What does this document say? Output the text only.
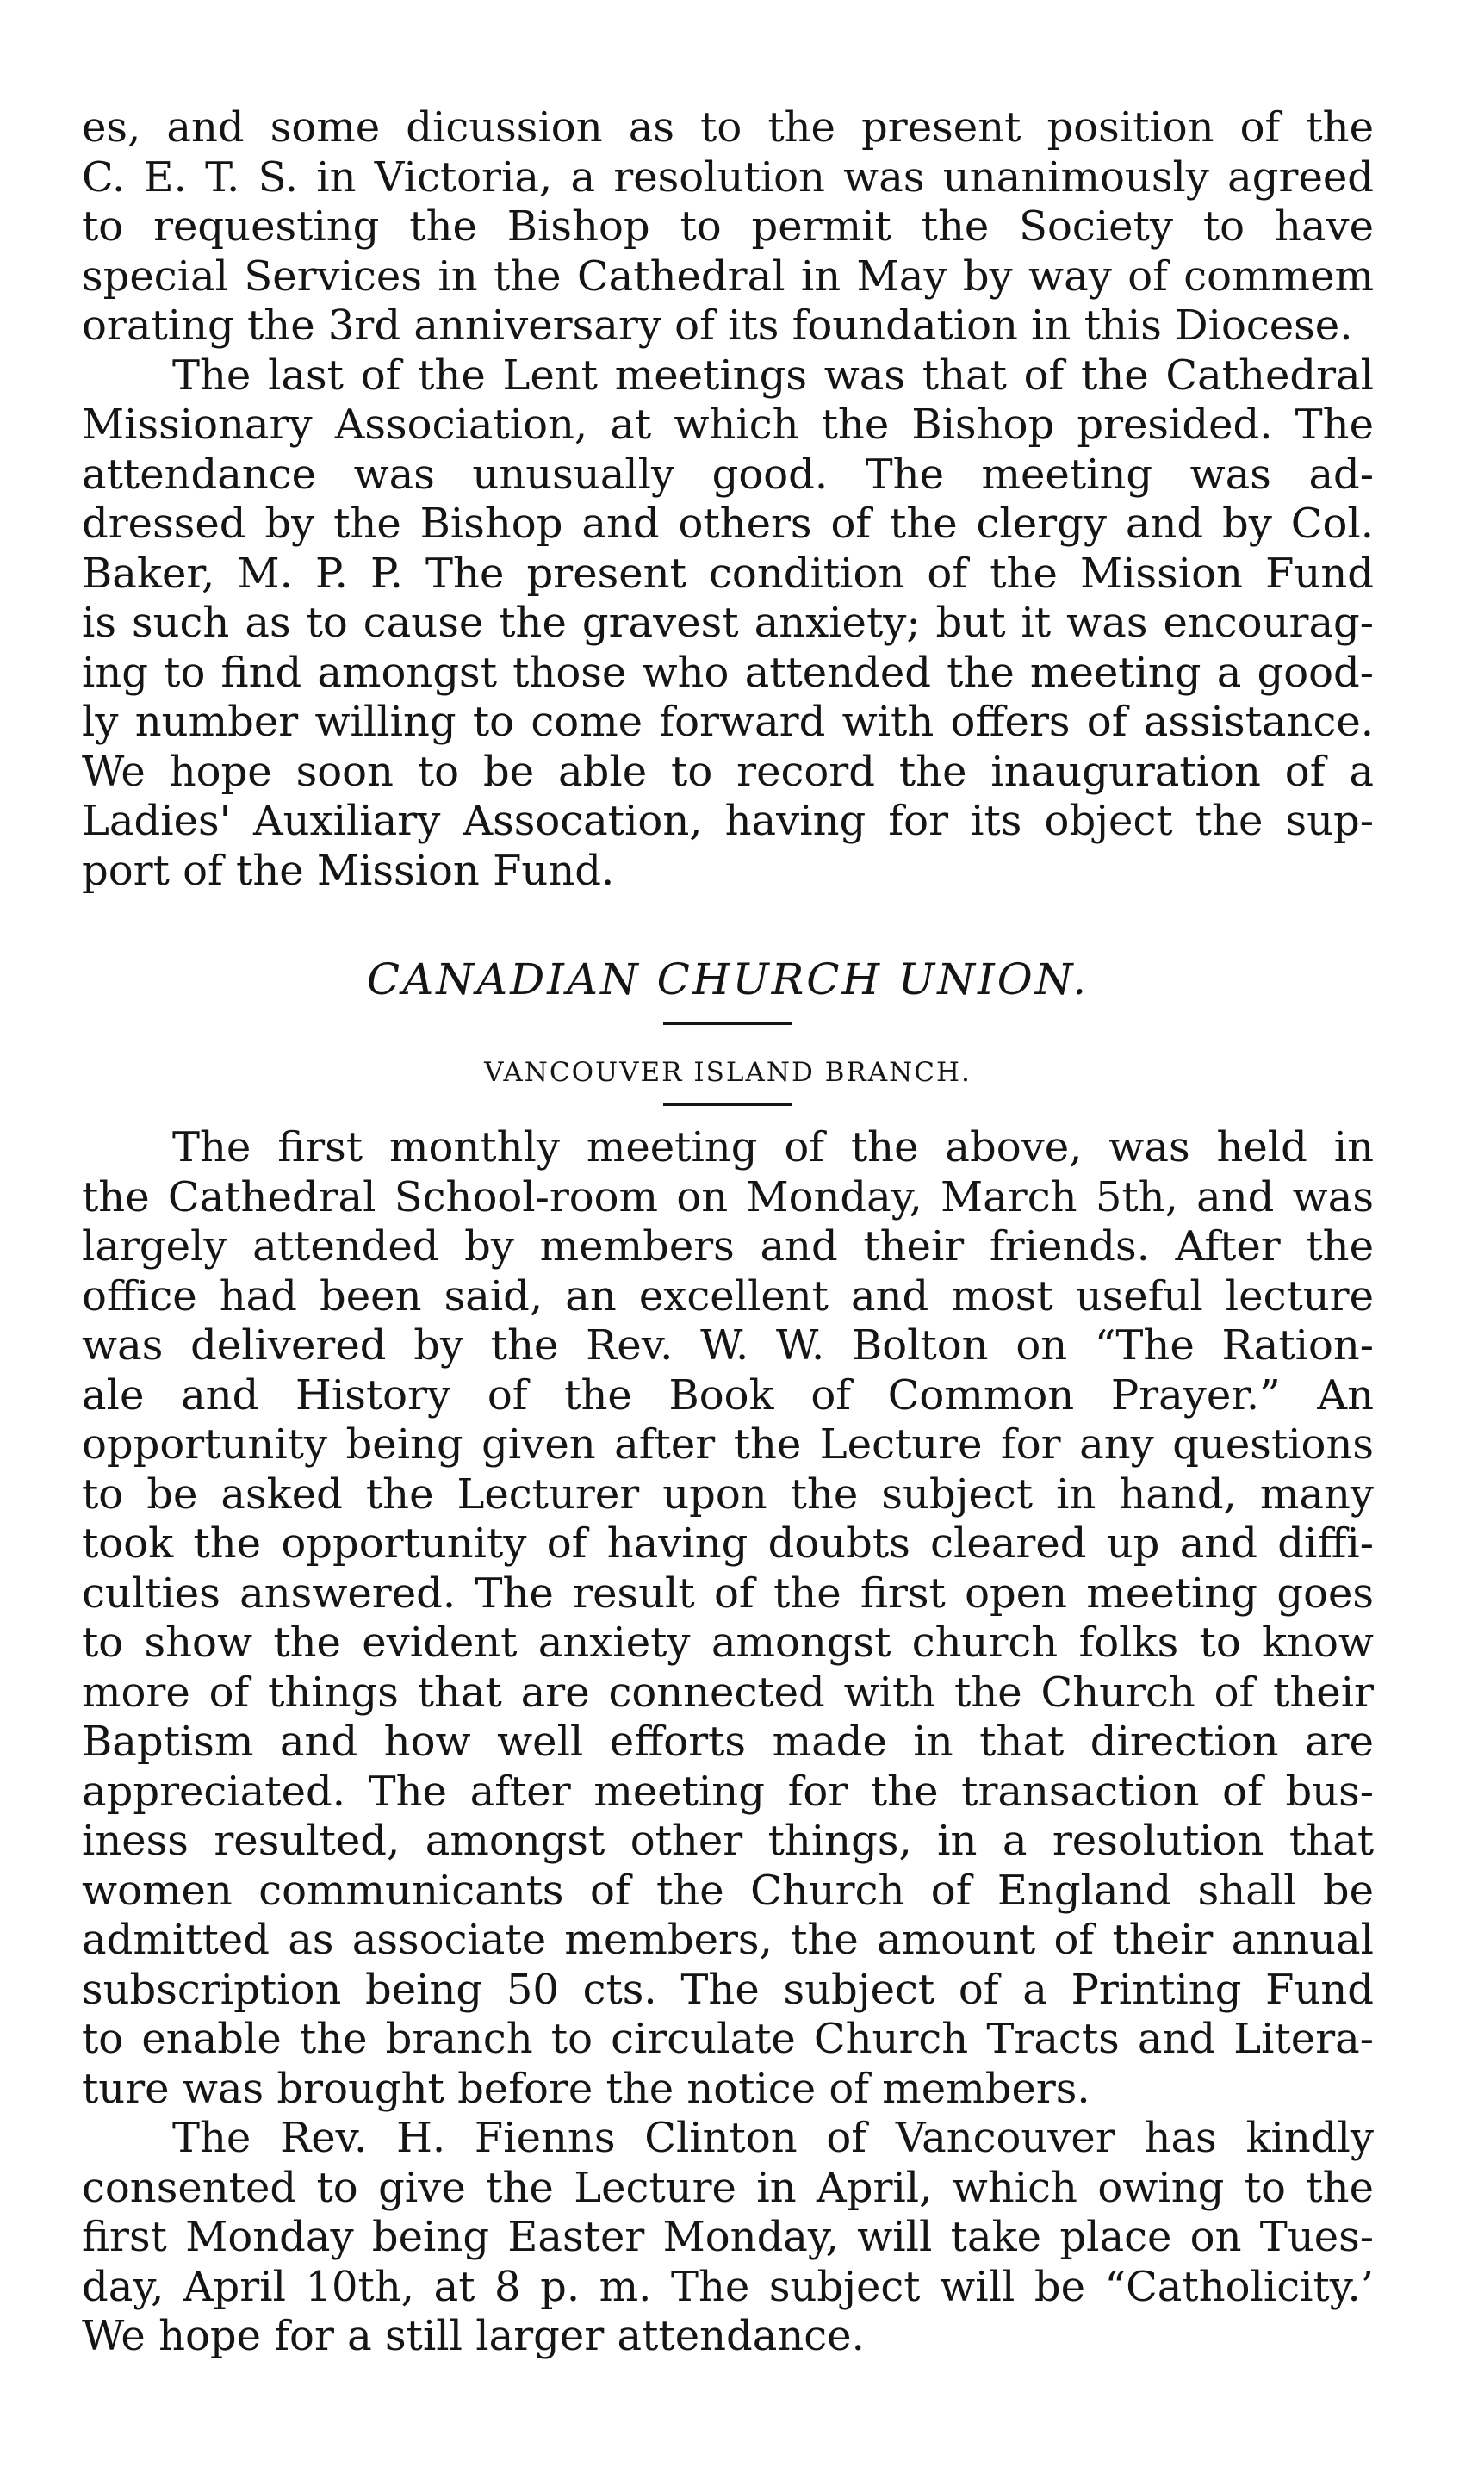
es, and some dicussion as to the present position of the
C. E. T. S. in Victoria, a resolution was unanimously agreed
to requesting the Bishop to permit the Society to have
special Services in the Cathedral in May by way of commem
orating the 3rd anniversary of its foundation in this Diocese.
The last of the Lent meetings was that of the Cathedral
Missionary Association, at which the Bishop presided. The
attendance was unusually good. The meeting was ad-
dressed by the Bishop and others of the clergy and by Col.
Baker, M. P. P. The present condition of the Mission Fund
is such as to cause the gravest anxiety; but it was encourag-
ing to find amongst those who attended the meeting a good-
ly number willing to come forward with offers of assistance.
We hope soon to be able to record the inauguration of a
Ladies' Auxiliary Assocation, having for its object the sup-
port of the Mission Fund.
CANADIAN CHURCH UNION.
VANCOUVER ISLAND BRANCH.
The first monthly meeting of the above, was held in
the Cathedral School-room on Monday, March 5th, and was
largely attended by members and their friends. After the
office had been said, an excellent and most useful lecture
was delivered by the Rev. W. W. Bolton on “The Ration-
ale and History of the Book of Common Prayer.” An
opportunity being given after the Lecture for any questions
to be asked the Lecturer upon the subject in hand, many
took the opportunity of having doubts cleared up and diffi-
culties answered. The result of the first open meeting goes
to show the evident anxiety amongst church folks to know
more of things that are connected with the Church of their
Baptism and how well efforts made in that direction are
appreciated. The after meeting for the transaction of bus-
iness resulted, amongst other things, in a resolution that
women communicants of the Church of England shall be
admitted as associate members, the amount of their annual
subscription being 50 cts. The subject of a Printing Fund
to enable the branch to circulate Church Tracts and Litera-
ture was brought before the notice of members.
The Rev. H. Fienns Clinton of Vancouver has kindly
consented to give the Lecture in April, which owing to the
first Monday being Easter Monday, will take place on Tues-
day, April 10th, at 8 p. m. The subject will be “Catholicity.’
We hope for a still larger attendance.
